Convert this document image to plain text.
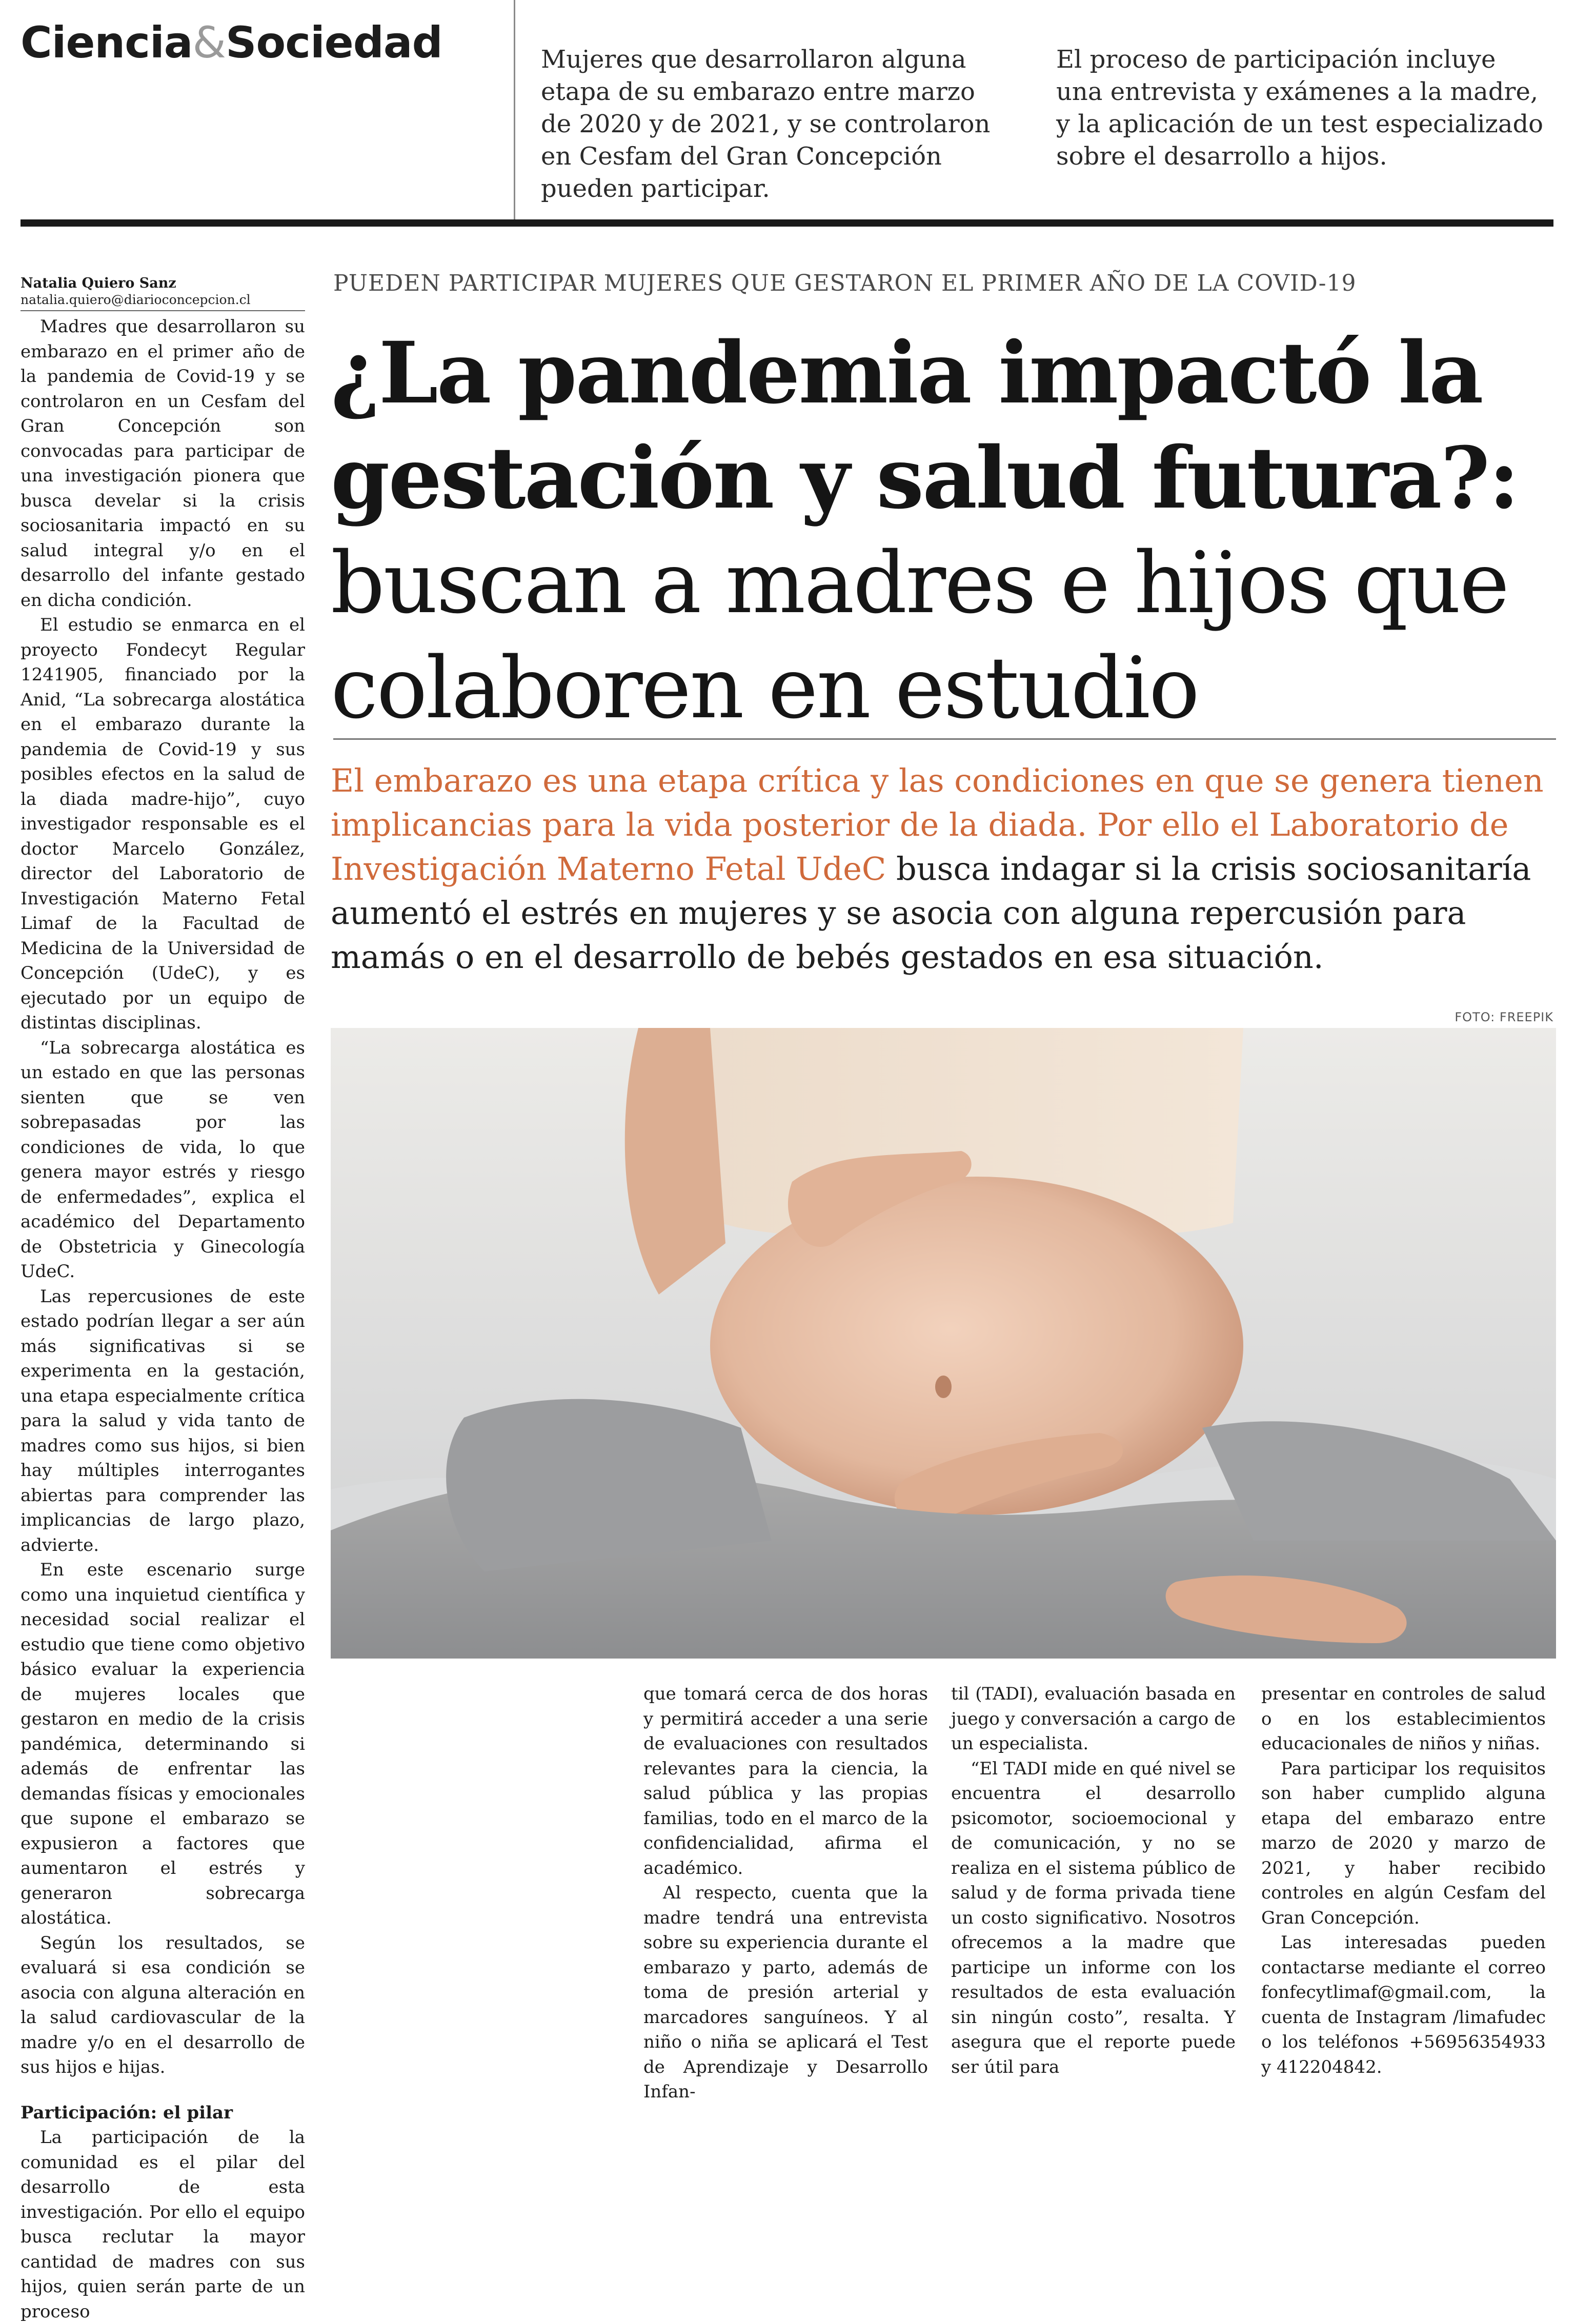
Ciencia&Sociedad	Mujeres que desarrollaron alguna etapa de su embarazo entre marzo de 2020 y de 2021, y se controlaron en Cesfam del Gran Concepción pueden participar.
El proceso de participación incluye una entrevista y exámenes a la madre, y la aplicación de un test especializado sobre el desarrollo a hijos.
Natalia Quiero Sanz
natalia.quiero@diarioconcepcion.cl
PUEDEN PARTICIPAR MUJERES QUE GESTARON EL PRIMER AÑO DE LA COVID-19
¿La pandemia impactó la
gestación y salud futura?:
buscan a madres e hijos que
colaboren en estudio
El embarazo es una etapa crítica y las condiciones en que se genera tienen implicancias para la vida posterior de la diada. Por ello el Laboratorio de Investigación Materno Fetal UdeC busca indagar si la crisis sociosanitaría aumentó el estrés en mujeres y se asocia con alguna repercusión para mamás o en el desarrollo de bebés gestados en esa situación.
FOTO: FREEPIK

Madres que desarrollaron su embarazo en el primer año de la pandemia de Covid-19 y se controlaron en un Cesfam del Gran Concepción son convocadas para participar de una investigación pionera que busca develar si la crisis sociosanitaria impactó en su salud integral y/o en el desarrollo del infante gestado en dicha condición.

El estudio se enmarca en el proyecto Fondecyt Regular 1241905, financiado por la Anid, “La sobrecarga alostática en el embarazo durante la pandemia de Covid-19 y sus posibles efectos en la salud de la diada madre-hijo”, cuyo investigador responsable es el doctor Marcelo González, director del Laboratorio de Investigación Materno Fetal Limaf de la Facultad de Medicina de la Universidad de Concepción (UdeC), y es ejecutado por un equipo de distintas disciplinas.

“La sobrecarga alostática es un estado en que las personas sienten que se ven sobrepasadas por las condiciones de vida, lo que genera mayor estrés y riesgo de enfermedades”, explica el académico del Departamento de Obstetricia y Ginecología UdeC.

Las repercusiones de este estado podrían llegar a ser aún más significativas si se experimenta en la gestación, una etapa especialmente crítica para la salud y vida tanto de madres como sus hijos, si bien hay múltiples interrogantes abiertas para comprender las implicancias de largo plazo, advierte.

En este escenario surge como una inquietud científica y necesidad social realizar el estudio que tiene como objetivo básico evaluar la experiencia de mujeres locales que gestaron en medio de la crisis pandémica, determinando si además de enfrentar las demandas físicas y emocionales que supone el embarazo se expusieron a factores que aumentaron el estrés y generaron sobrecarga alostática.

Según los resultados, se evaluará si esa condición se asocia con alguna alteración en la salud cardiovascular de la madre y/o en el desarrollo de sus hijos e hijas.

Participación: el pilar

La participación de la comunidad es el pilar del desarrollo de esta investigación. Por ello el equipo busca reclutar la mayor cantidad de madres con sus hijos, quien serán parte de un proceso

que tomará cerca de dos horas y permitirá acceder a una serie de evaluaciones con resultados relevantes para la ciencia, la salud pública y las propias familias, todo en el marco de la confidencialidad, afirma el académico.

Al respecto, cuenta que la madre tendrá una entrevista sobre su experiencia durante el embarazo y parto, además de toma de presión arterial y marcadores sanguíneos. Y al niño o niña se aplicará el Test de Aprendizaje y Desarrollo Infan-

til (TADI), evaluación basada en juego y conversación a cargo de un especialista.

“El TADI mide en qué nivel se encuentra el desarrollo psicomotor, socioemocional y de comunicación, y no se realiza en el sistema público de salud y de forma privada tiene un costo significativo. Nosotros ofrecemos a la madre que participe un informe con los resultados de esta evaluación sin ningún costo”, resalta. Y asegura que el reporte puede ser útil para

presentar en controles de salud o en los establecimientos educacionales de niños y niñas.

Para participar los requisitos son haber cumplido alguna etapa del embarazo entre marzo de 2020 y marzo de 2021, y haber recibido controles en algún Cesfam del Gran Concepción.

Las interesadas pueden contactarse mediante el correo fonfecytlimaf@gmail.com, la cuenta de Instagram /limafudec o los teléfonos +56956354933 y 412204842.
